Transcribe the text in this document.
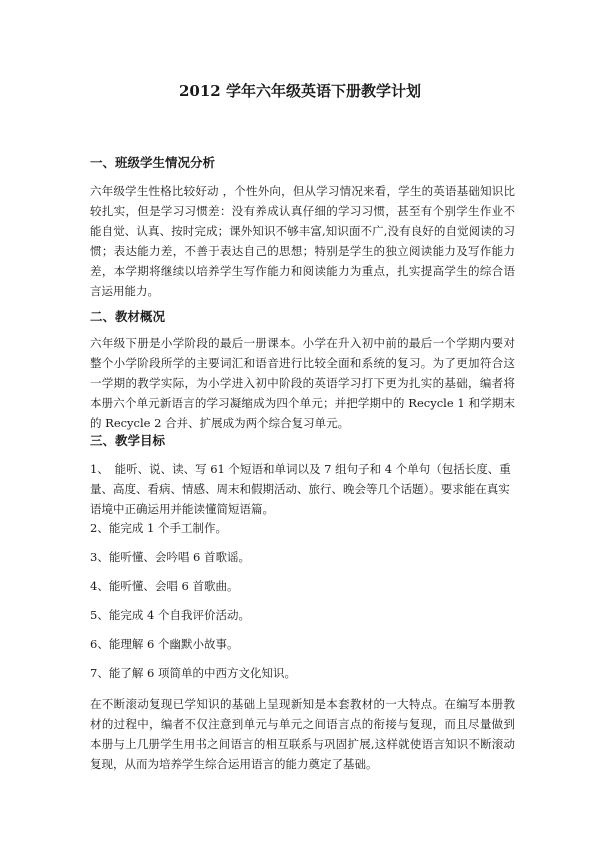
2012 学年六年级英语下册教学计划
一、班级学生情况分析
六年级学生性格比较好动 ，个性外向，但从学习情况来看，学生的英语基础知识比较扎实，但是学习习惯差：没有养成认真仔细的学习习惯，甚至有个别学生作业不能自觉、认真、按时完成；课外知识不够丰富,知识面不广,没有良好的自觉阅读的习惯；表达能力差，不善于表达自己的思想；特别是学生的独立阅读能力及写作能力差，本学期将继续以培养学生写作能力和阅读能力为重点，扎实提高学生的综合语言运用能力。
二、教材概况
六年级下册是小学阶段的最后一册课本。小学在升入初中前的最后一个学期内要对整个小学阶段所学的主要词汇和语音进行比较全面和系统的复习。为了更加符合这一学期的教学实际，为小学进入初中阶段的英语学习打下更为扎实的基础，编者将本册六个单元新语言的学习凝缩成为四个单元；并把学期中的 Recycle 1 和学期末的 Recycle 2 合并、扩展成为两个综合复习单元。
三、教学目标
1、　能听、说、读、写 61 个短语和单词以及 7 组句子和 4 个单句（包括长度、重量、高度、看病、情感、周末和假期活动、旅行、晚会等几个话题）。要求能在真实语境中正确运用并能读懂简短语篇。
2、能完成 1 个手工制作。
3、能听懂、会吟唱 6 首歌谣。
4、能听懂、会唱 6 首歌曲。
5、能完成 4 个自我评价活动。
6、能理解 6 个幽默小故事。
7、能了解 6 项简单的中西方文化知识。
在不断滚动复现已学知识的基础上呈现新知是本套教材的一大特点。在编写本册教材的过程中，编者不仅注意到单元与单元之间语言点的衔接与复现，而且尽量做到本册与上几册学生用书之间语言的相互联系与巩固扩展,这样就使语言知识不断滚动复现，从而为培养学生综合运用语言的能力奠定了基础。
